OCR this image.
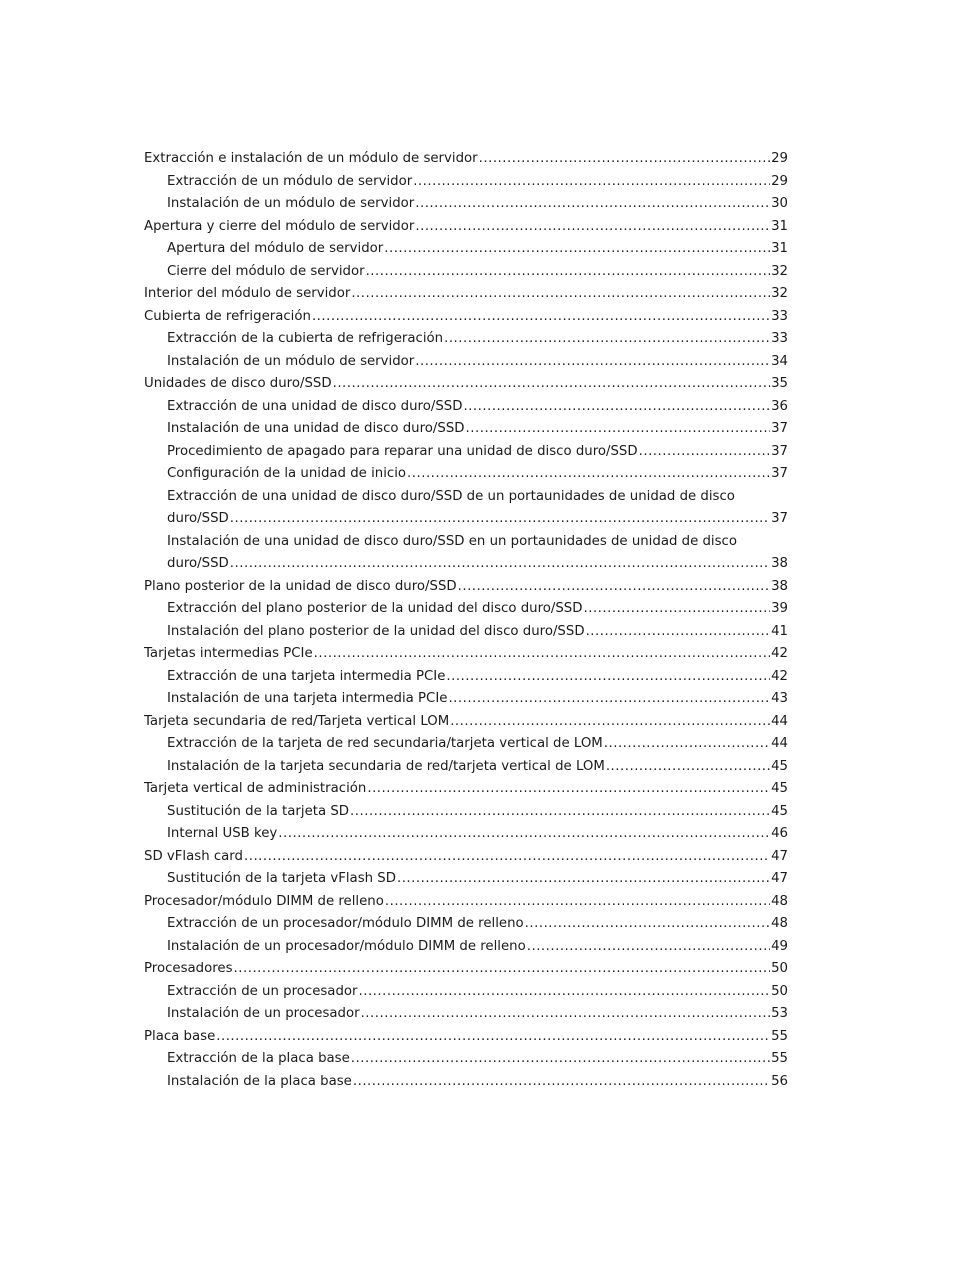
Extracción e instalación de un módulo de servidor .....	29
Extracción de un módulo de servidor .....	29
Instalación de un módulo de servidor .....	30
Apertura y cierre del módulo de servidor .....	31
Apertura del módulo de servidor .....	31
Cierre del módulo de servidor .....	32
Interior del módulo de servidor .....	32
Cubierta de refrigeración .....	33
Extracción de la cubierta de refrigeración .....	33
Instalación de un módulo de servidor .....	34
Unidades de disco duro/SSD .....	35
Extracción de una unidad de disco duro/SSD .....	36
Instalación de una unidad de disco duro/SSD .....	37
Procedimiento de apagado para reparar una unidad de disco duro/SSD .....	37
Configuración de la unidad de inicio .....	37
Extracción de una unidad de disco duro/SSD de un portaunidades de unidad de disco
duro/SSD .....	37
Instalación de una unidad de disco duro/SSD en un portaunidades de unidad de disco
duro/SSD .....	38
Plano posterior de la unidad de disco duro/SSD .....	38
Extracción del plano posterior de la unidad del disco duro/SSD .....	39
Instalación del plano posterior de la unidad del disco duro/SSD .....	41
Tarjetas intermedias PCIe .....	42
Extracción de una tarjeta intermedia PCIe .....	42
Instalación de una tarjeta intermedia PCIe .....	43
Tarjeta secundaria de red/Tarjeta vertical LOM .....	44
Extracción de la tarjeta de red secundaria/tarjeta vertical de LOM .....	44
Instalación de la tarjeta secundaria de red/tarjeta vertical de LOM .....	45
Tarjeta vertical de administración .....	45
Sustitución de la tarjeta SD .....	45
Internal USB key .....	46
SD vFlash card .....	47
Sustitución de la tarjeta vFlash SD .....	47
Procesador/módulo DIMM de relleno .....	48
Extracción de un procesador/módulo DIMM de relleno .....	48
Instalación de un procesador/módulo DIMM de relleno .....	49
Procesadores .....	50
Extracción de un procesador .....	50
Instalación de un procesador .....	53
Placa base .....	55
Extracción de la placa base .....	55
Instalación de la placa base .....	56
